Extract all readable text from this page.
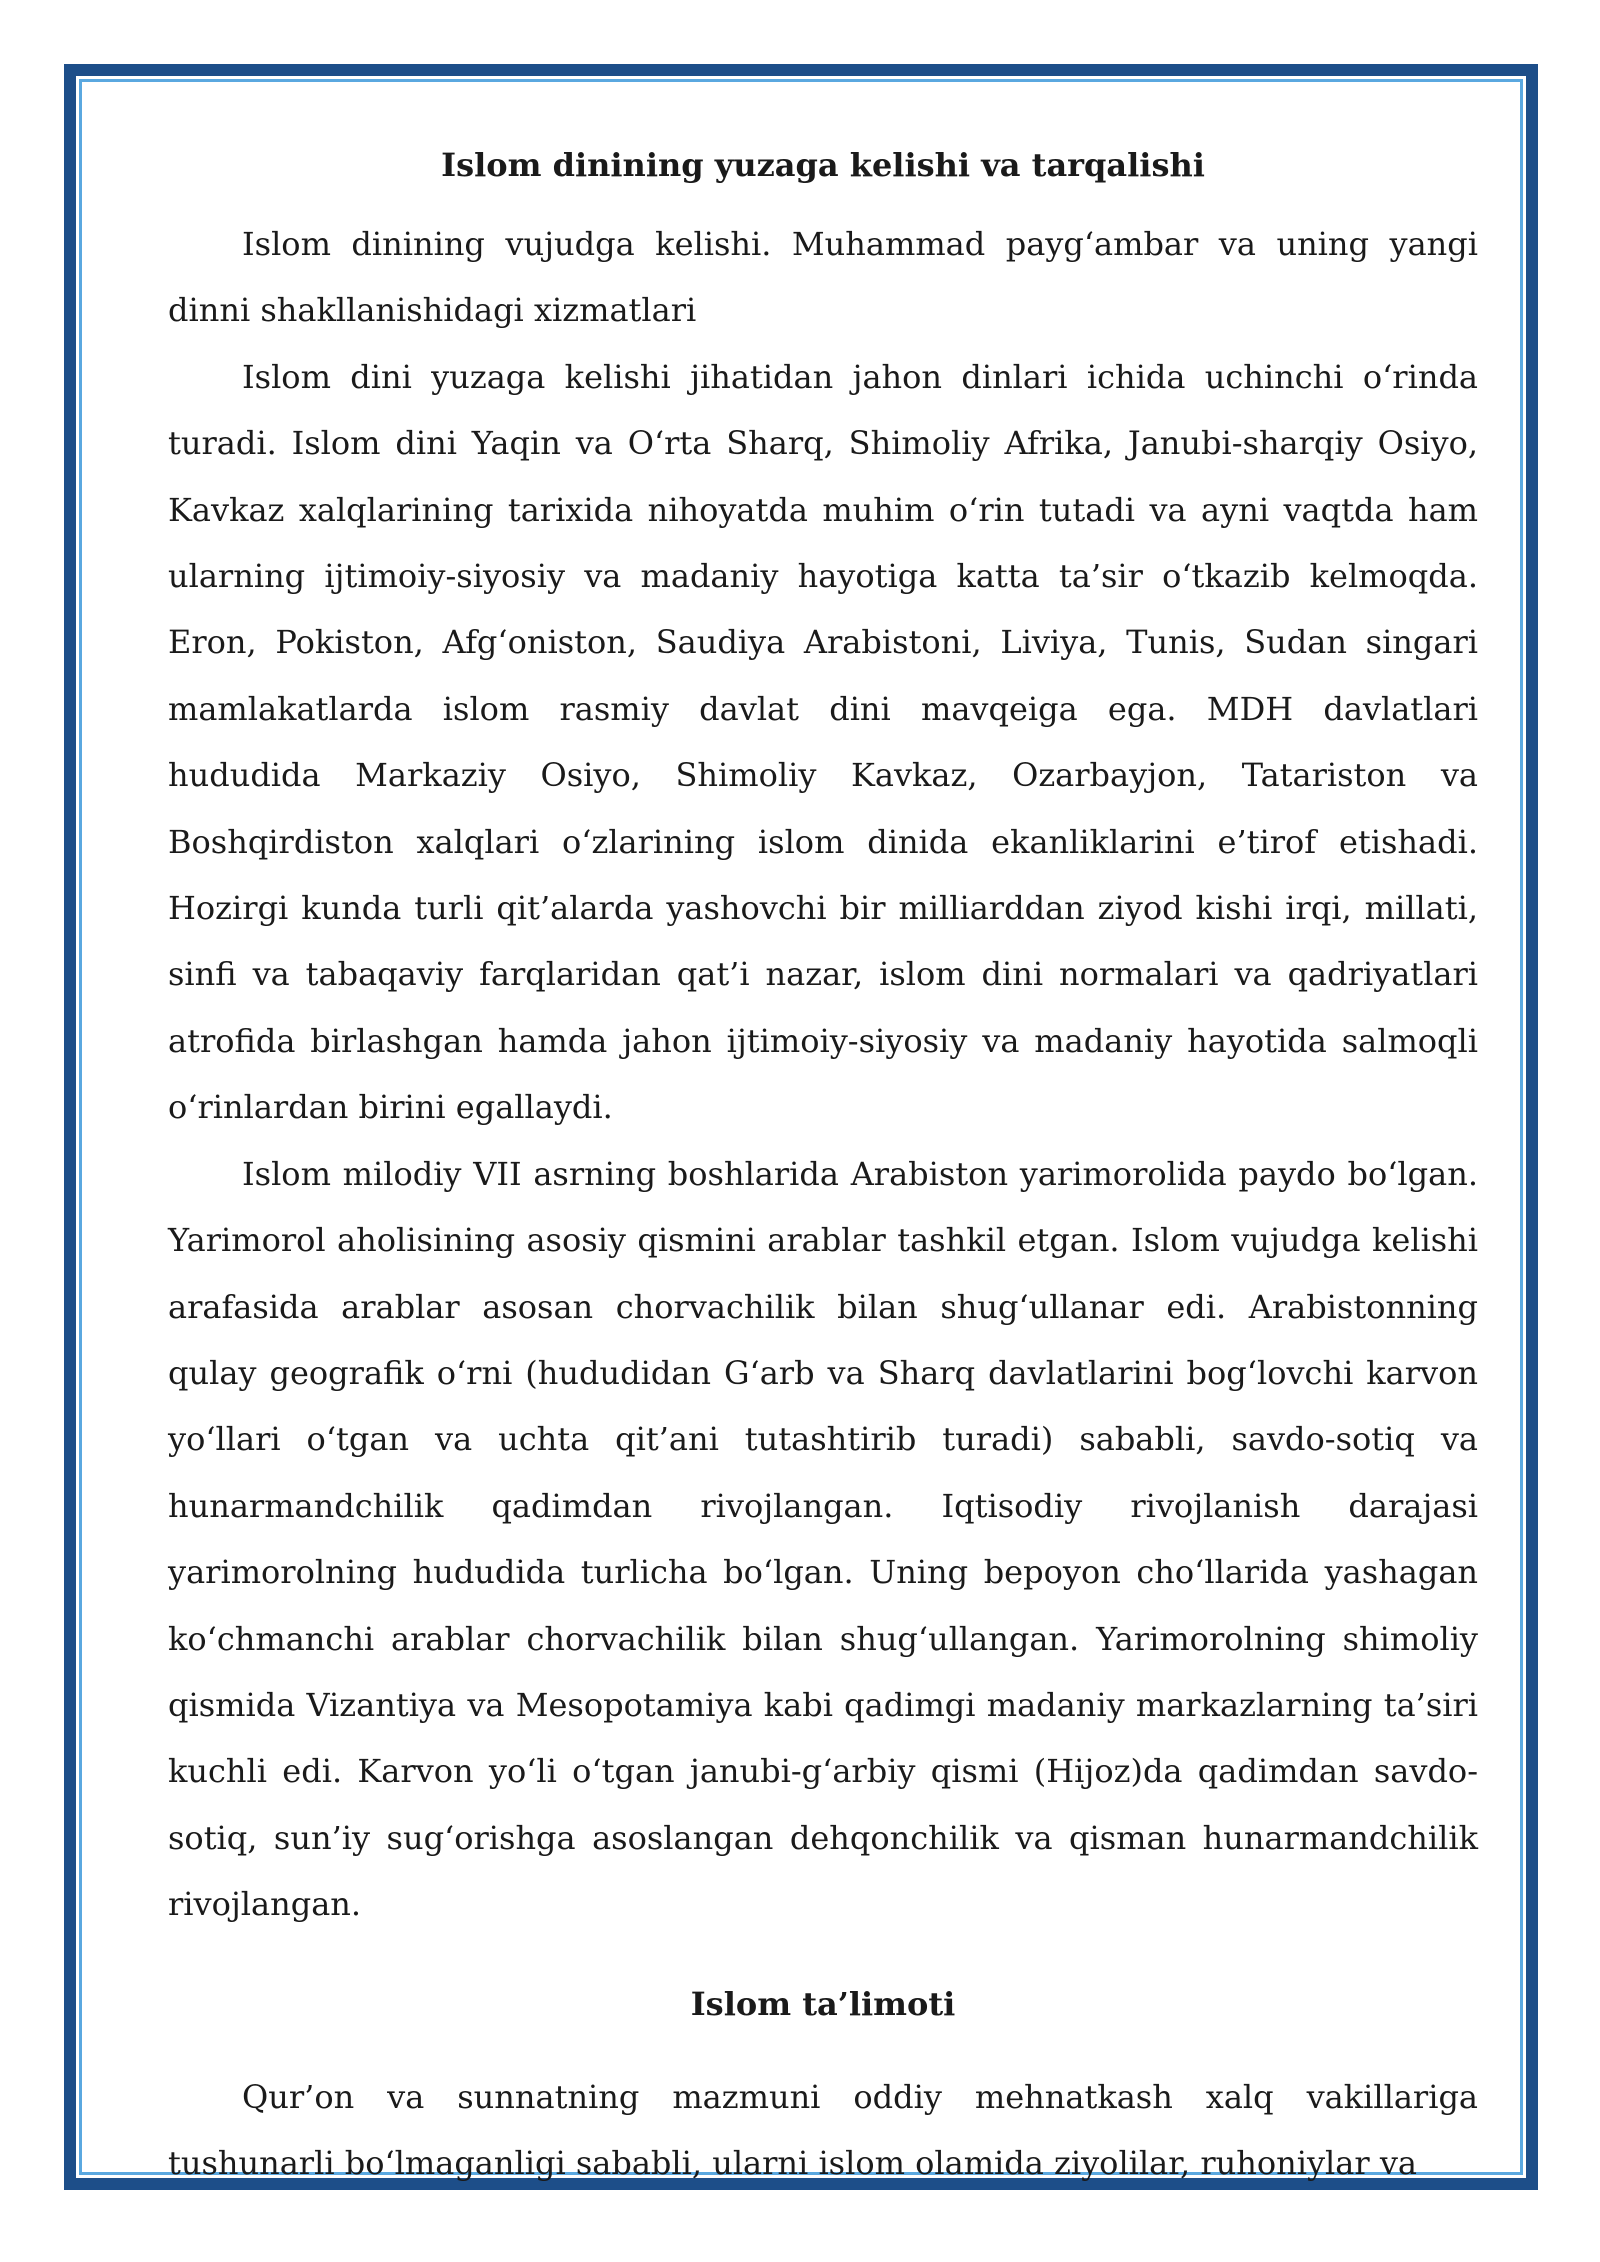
Islom dinining yuzaga kelishi va tarqalishi

Islom dinining vujudga kelishi. Muhammad payg‘ambar va uning yangi dinni shakllanishidagi xizmatlari

Islom dini yuzaga kelishi jihatidan jahon dinlari ichida uchinchi o‘rinda turadi. Islom dini Yaqin va O‘rta Sharq, Shimoliy Afrika, Janubi-sharqiy Osiyo, Kavkaz xalqlarining tarixida nihoyatda muhim o‘rin tutadi va ayni vaqtda ham ularning ijtimoiy-siyosiy va madaniy hayotiga katta ta’sir o‘tkazib kelmoqda. Eron, Pokiston, Afg‘oniston, Saudiya Arabistoni, Liviya, Tunis, Sudan singari mamlakatlarda islom rasmiy davlat dini mavqeiga ega. MDH davlatlari hududida Markaziy Osiyo, Shimoliy Kavkaz, Ozarbayjon, Tatariston va Boshqirdiston xalqlari o‘zlarining islom dinida ekanliklarini e’tirof etishadi. Hozirgi kunda turli qit’alarda yashovchi bir milliarddan ziyod kishi irqi, millati, sinfi va tabaqaviy farqlaridan qat’i nazar, islom dini normalari va qadriyatlari atrofida birlashgan hamda jahon ijtimoiy-siyosiy va madaniy hayotida salmoqli o‘rinlardan birini egallaydi.

Islom milodiy VII asrning boshlarida Arabiston yarimorolida paydo bo‘lgan. Yarimorol aholisining asosiy qismini arablar tashkil etgan. Islom vujudga kelishi arafasida arablar asosan chorvachilik bilan shug‘ullanar edi. Arabistonning qulay geografik o‘rni (hududidan G‘arb va Sharq davlatlarini bog‘lovchi karvon yo‘llari o‘tgan va uchta qit’ani tutashtirib turadi) sababli, savdo-sotiq va hunarmandchilik qadimdan rivojlangan. Iqtisodiy rivojlanish darajasi yarimorolning hududida turlicha bo‘lgan. Uning bepoyon cho‘llarida yashagan ko‘chmanchi arablar chorvachilik bilan shug‘ullangan. Yarimorolning shimoliy qismida Vizantiya va Mesopotamiya kabi qadimgi madaniy markazlarning ta’siri kuchli edi. Karvon yo‘li o‘tgan janubi-g‘arbiy qismi (Hijoz)da qadimdan savdo-sotiq, sun’iy sug‘orishga asoslangan dehqonchilik va qisman hunarmandchilik rivojlangan.

Islom ta’limoti

Qur’on va sunnatning mazmuni oddiy mehnatkash xalq vakillariga tushunarli bo‘lmaganligi sababli, ularni islom olamida ziyolilar, ruhoniylar va
